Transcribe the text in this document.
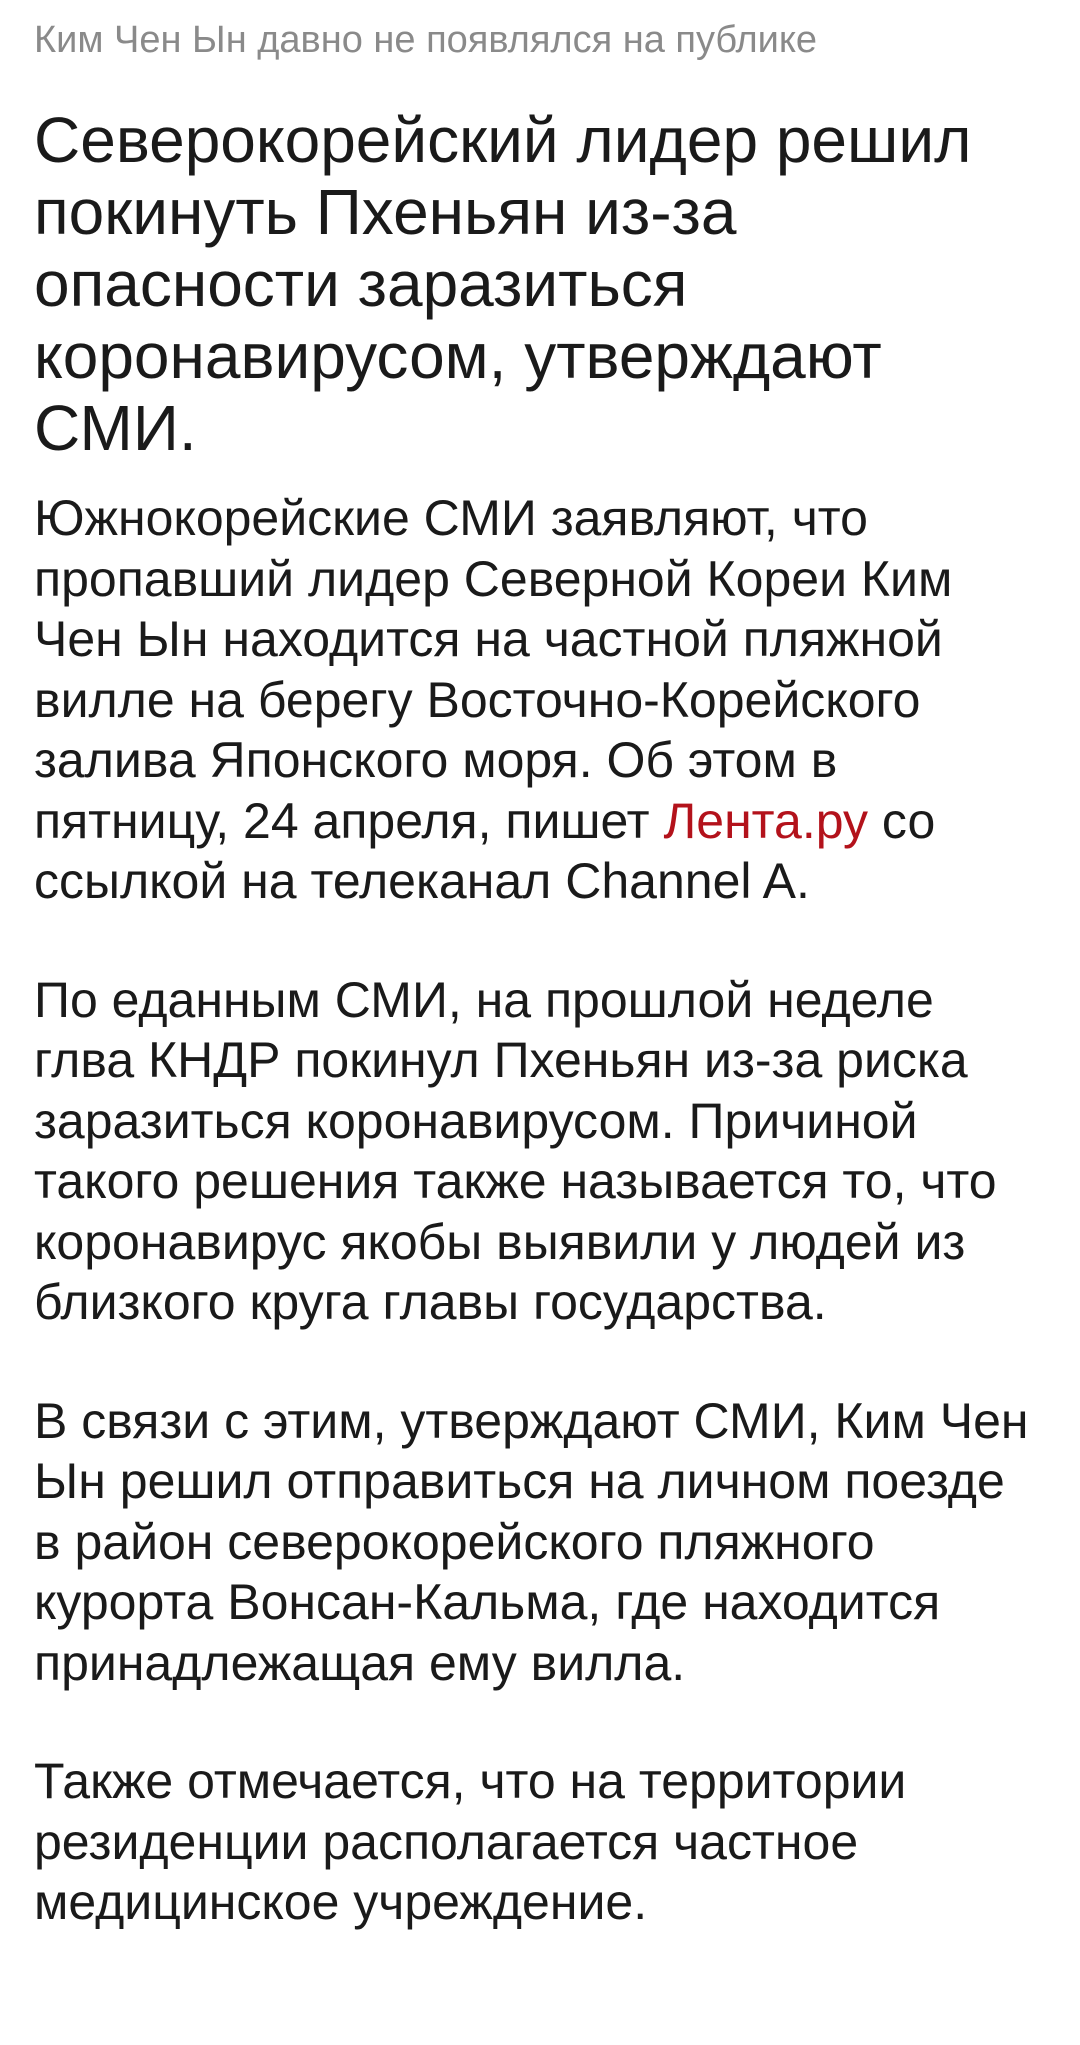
Ким Чен Ын давно не появлялся на публике

Северокорейский лидер решил покинуть Пхеньян из-за опасности заразиться коронавирусом, утверждают СМИ.

Южнокорейские СМИ заявляют, что пропавший лидер Северной Кореи Ким Чен Ын находится на частной пляжной вилле на берегу Восточно-Корейского залива Японского моря. Об этом в пятницу, 24 апреля, пишет Лента.ру со ссылкой на телеканал Channel A.

По еданным СМИ, на прошлой неделе глва КНДР покинул Пхеньян из-за риска заразиться коронавирусом. Причиной такого решения также называется то, что коронавирус якобы выявили у людей из близкого круга главы государства.

В связи с этим, утверждают СМИ, Ким Чен Ын решил отправиться на личном поезде в район северокорейского пляжного курорта Вонсан-Кальма, где находится принадлежащая ему вилла.

Также отмечается, что на территории резиденции располагается частное медицинское учреждение.
